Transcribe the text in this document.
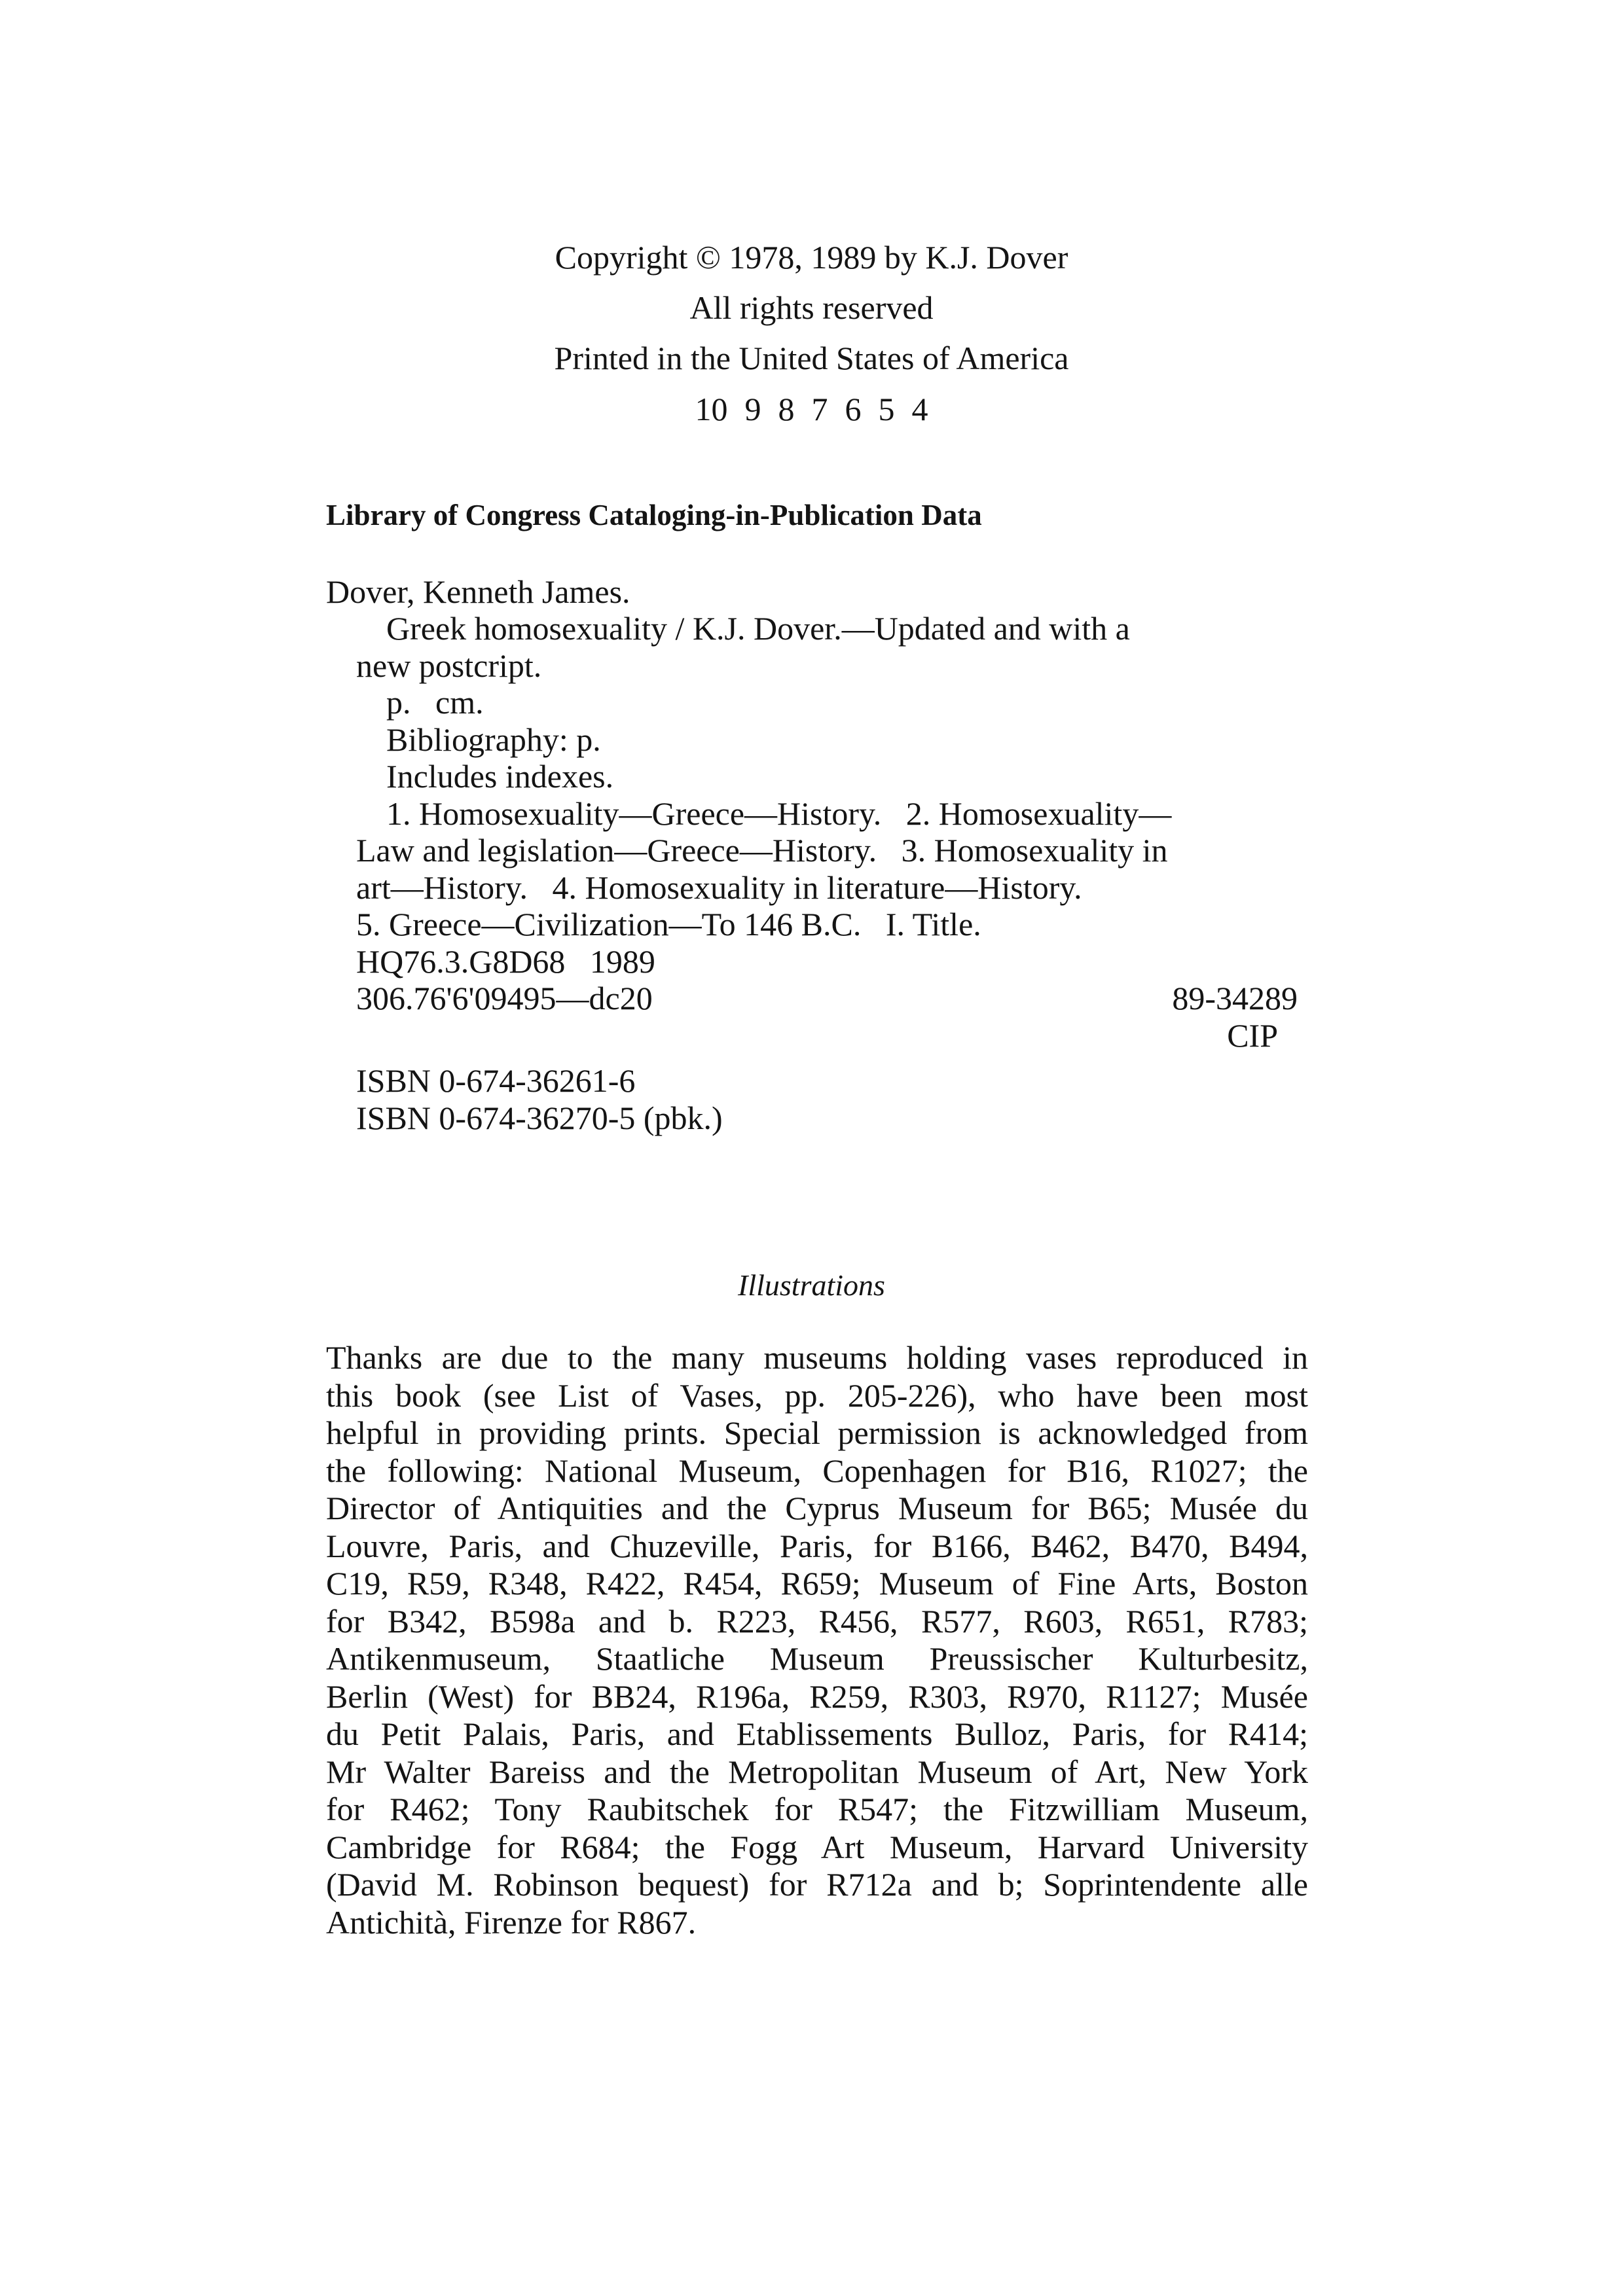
Copyright © 1978, 1989 by K.J. Dover
All rights reserved
Printed in the United States of America
10 9 8 7 6 5 4
Library of Congress Cataloging-in-Publication Data
Dover, Kenneth James.
Greek homosexuality / K.J. Dover.—Updated and with a
new postcript.
p.   cm.
Bibliography: p.
Includes indexes.
1. Homosexuality—Greece—History.   2. Homosexuality—
Law and legislation—Greece—History.   3. Homosexuality in
art—History.   4. Homosexuality in literature—History.
5. Greece—Civilization—To 146 B.C.   I. Title.
HQ76.3.G8D68   1989
306.76'6'09495—dc20	89-34289
CIP
ISBN 0-674-36261-6
ISBN 0-674-36270-5 (pbk.)
Illustrations
Thanks are due to the many museums holding vases reproduced in
this book (see List of Vases, pp. 205-226), who have been most
helpful in providing prints. Special permission is acknowledged from
the following: National Museum, Copenhagen for B16, R1027; the
Director of Antiquities and the Cyprus Museum for B65; Musée du
Louvre, Paris, and Chuzeville, Paris, for B166, B462, B470, B494,
C19, R59, R348, R422, R454, R659; Museum of Fine Arts, Boston
for B342, B598a and b. R223, R456, R577, R603, R651, R783;
Antikenmuseum, Staatliche Museum Preussischer Kulturbesitz,
Berlin (West) for BB24, R196a, R259, R303, R970, R1127; Musée
du Petit Palais, Paris, and Etablissements Bulloz, Paris, for R414;
Mr Walter Bareiss and the Metropolitan Museum of Art, New York
for R462; Tony Raubitschek for R547; the Fitzwilliam Museum,
Cambridge for R684; the Fogg Art Museum, Harvard University
(David M. Robinson bequest) for R712a and b; Soprintendente alle
Antichità, Firenze for R867.
